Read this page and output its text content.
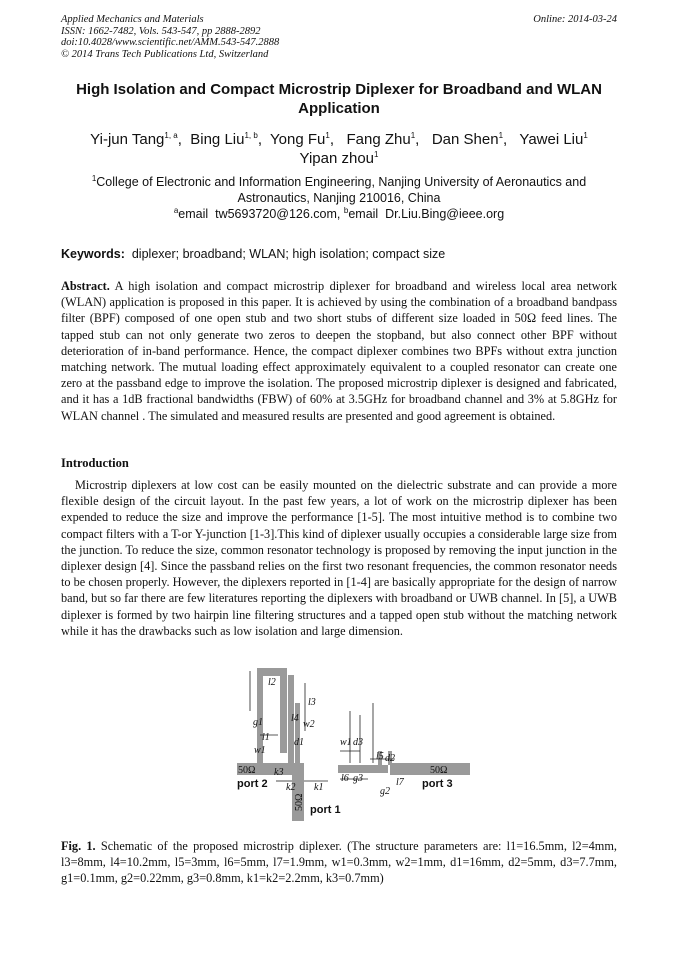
Applied Mechanics and Materials
ISSN: 1662-7482, Vols. 543-547, pp 2888-2892
doi:10.4028/www.scientific.net/AMM.543-547.2888
© 2014 Trans Tech Publications Ltd, Switzerland
Online: 2014-03-24
High Isolation and Compact Microstrip Diplexer for Broadband and WLAN Application
Yi-jun Tang$^{1, a}$,  Bing Liu$^{1, b}$,  Yong Fu$^1$,   Fang Zhu$^1$,   Dan Shen$^1$,   Yawei Liu$^1$
Yipan zhou$^1$
$^1$College of Electronic and Information Engineering, Nanjing University of Aeronautics and Astronautics, Nanjing 210016, China
$^a$email tw5693720@126.com, $^b$email Dr.Liu.Bing@ieee.org
Keywords: diplexer; broadband; WLAN; high isolation; compact size
Abstract. A high isolation and compact microstrip diplexer for broadband and wireless local area network (WLAN) application is proposed in this paper. It is achieved by using the combination of a broadband bandpass filter (BPF) composed of one open stub and two short stubs of different size loaded in 50Ω feed lines. The tapped stub can not only generate two zeros to deepen the stopband, but also connect other BPF without deterioration of in-band performance. Hence, the compact diplexer combines two BPFs without extra junction matching network. The mutual loading effect approximately equivalent to a coupled resonator can create one zero at the passband edge to improve the isolation. The proposed microstrip diplexer is designed and fabricated, and it has a 1dB fractional bandwidths (FBW) of 60% at 3.5GHz for broadband channel and 3% at 5.8GHz for WLAN channel . The simulated and measured results are presented and good agreement is obtained.
Introduction
Microstrip diplexers at low cost can be easily mounted on the dielectric substrate and can provide a more flexible design of the circuit layout. In the past few years, a lot of work on the microstrip diplexer has been expended to reduce the size and improve the performance [1-5]. The most intuitive method is to combine two compact filters with a T-or Y-junction [1-3].This kind of diplexer usually occupies a considerable large size from the junction. To reduce the size, common resonator technology is proposed by removing the input junction in the diplexer design [4]. Since the passband relies on the first two resonant frequencies, the common resonator needs to be chosen properly. However, the diplexers reported in [1-4] are basically appropriate for the design of narrow band, but so far there are few literatures reporting the diplexers with broadband or UWB channel. In [5], a UWB diplexer is formed by two hairpin line filtering structures and a tapped open stub without the matching network while it has the drawbacks such as low isolation and large dimension.
l2
l3
g1
l1
l4
w2
d1
w1
w1 d3
l5 d2
l6 g3	l7
g2
k2 k1
k3
50Ω	50Ω
50Ω
port 2	port 3
port 1
Fig. 1. Schematic of the proposed microstrip diplexer. (The structure parameters are: l1=16.5mm, l2=4mm, l3=8mm, l4=10.2mm, l5=3mm, l6=5mm, l7=1.9mm, w1=0.3mm, w2=1mm, d1=16mm, d2=5mm, d3=7.7mm, g1=0.1mm, g2=0.22mm, g3=0.8mm, k1=k2=2.2mm, k3=0.7mm)
